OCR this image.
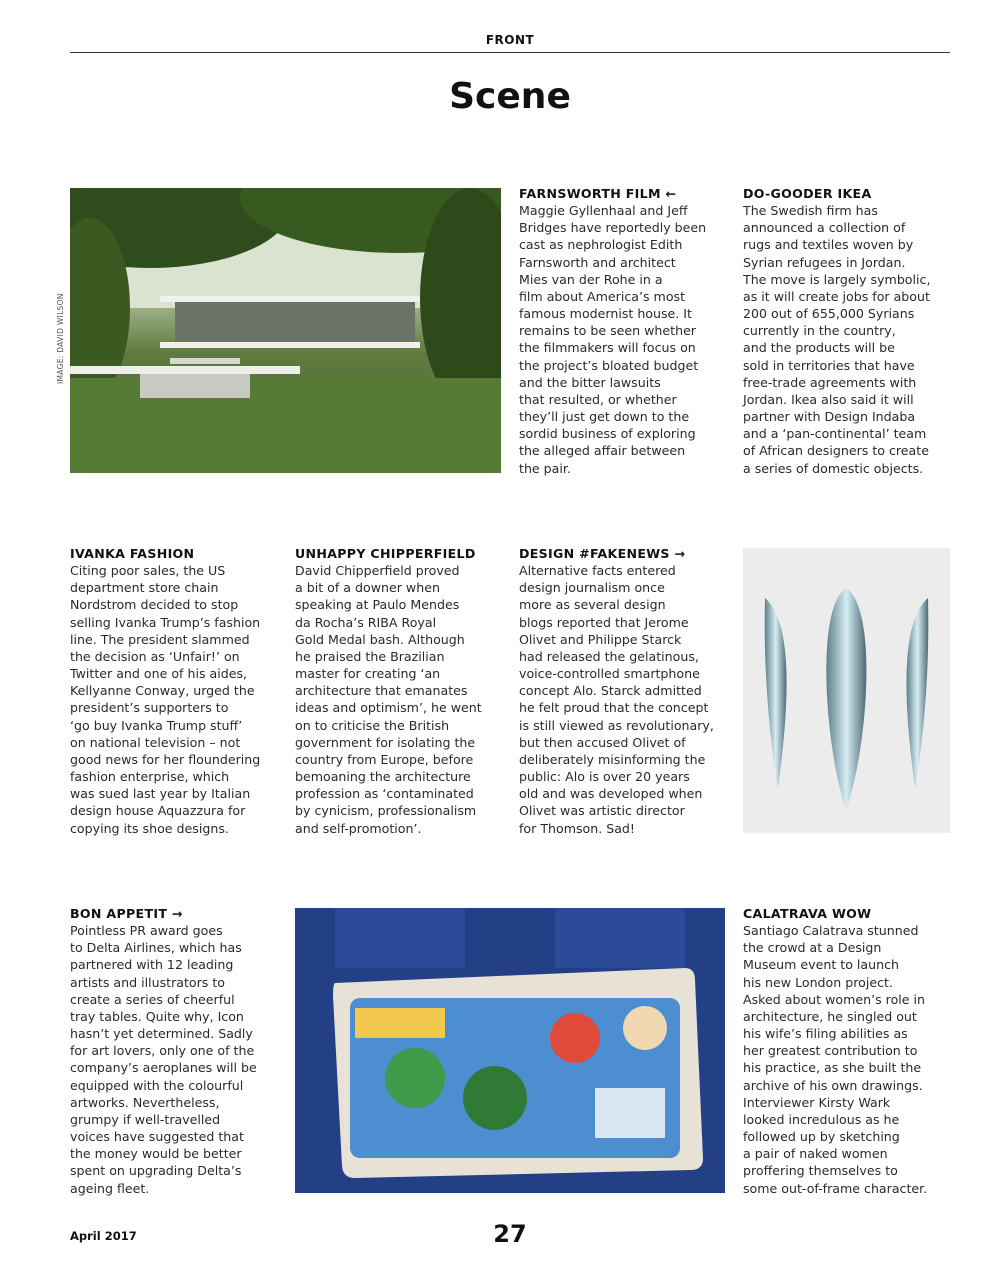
FRONT
Scene
IMAGE: DAVID WILSON
FARNSWORTH FILM ←

Maggie Gyllenhaal and Jeff
Bridges have reportedly been
cast as nephrologist Edith
Farnsworth and architect
Mies van der Rohe in a
film about America’s most
famous modernist house. It
remains to be seen whether
the filmmakers will focus on
the project’s bloated budget
and the bitter lawsuits
that resulted, or whether
they’ll just get down to the
sordid business of exploring
the alleged affair between
the pair.

DO-GOODER IKEA

The Swedish firm has
announced a collection of
rugs and textiles woven by
Syrian refugees in Jordan.
The move is largely symbolic,
as it will create jobs for about
200 out of 655,000 Syrians
currently in the country,
and the products will be
sold in territories that have
free-trade agreements with
Jordan. Ikea also said it will
partner with Design Indaba
and a ‘pan-continental’ team
of African designers to create
a series of domestic objects.

IVANKA FASHION

Citing poor sales, the US
department store chain
Nordstrom decided to stop
selling Ivanka Trump’s fashion
line. The president slammed
the decision as ‘Unfair!’ on
Twitter and one of his aides,
Kellyanne Conway, urged the
president’s supporters to
‘go buy Ivanka Trump stuff’
on national television – not
good news for her floundering
fashion enterprise, which
was sued last year by Italian
design house Aquazzura for
copying its shoe designs.

UNHAPPY CHIPPERFIELD

David Chipperfield proved
a bit of a downer when
speaking at Paulo Mendes
da Rocha’s RIBA Royal
Gold Medal bash. Although
he praised the Brazilian
master for creating ‘an
architecture that emanates
ideas and optimism’, he went
on to criticise the British
government for isolating the
country from Europe, before
bemoaning the architecture
profession as ‘contaminated
by cynicism, professionalism
and self-promotion’.

DESIGN #FAKENEWS →

Alternative facts entered
design journalism once
more as several design
blogs reported that Jerome
Olivet and Philippe Starck
had released the gelatinous,
voice-controlled smartphone
concept Alo. Starck admitted
he felt proud that the concept
is still viewed as revolutionary,
but then accused Olivet of
deliberately misinforming the
public: Alo is over 20 years
old and was developed when
Olivet was artistic director
for Thomson. Sad!

BON APPETIT →

Pointless PR award goes
to Delta Airlines, which has
partnered with 12 leading
artists and illustrators to
create a series of cheerful
tray tables. Quite why, Icon
hasn’t yet determined. Sadly
for art lovers, only one of the
company’s aeroplanes will be
equipped with the colourful
artworks. Nevertheless,
grumpy if well-travelled
voices have suggested that
the money would be better
spent on upgrading Delta’s
ageing fleet.

CALATRAVA WOW

Santiago Calatrava stunned
the crowd at a Design
Museum event to launch
his new London project.
Asked about women’s role in
architecture, he singled out
his wife’s filing abilities as
her greatest contribution to
his practice, as she built the
archive of his own drawings.
Interviewer Kirsty Wark
looked incredulous as he
followed up by sketching
a pair of naked women
proffering themselves to
some out-of-frame character.

April 2017	27
